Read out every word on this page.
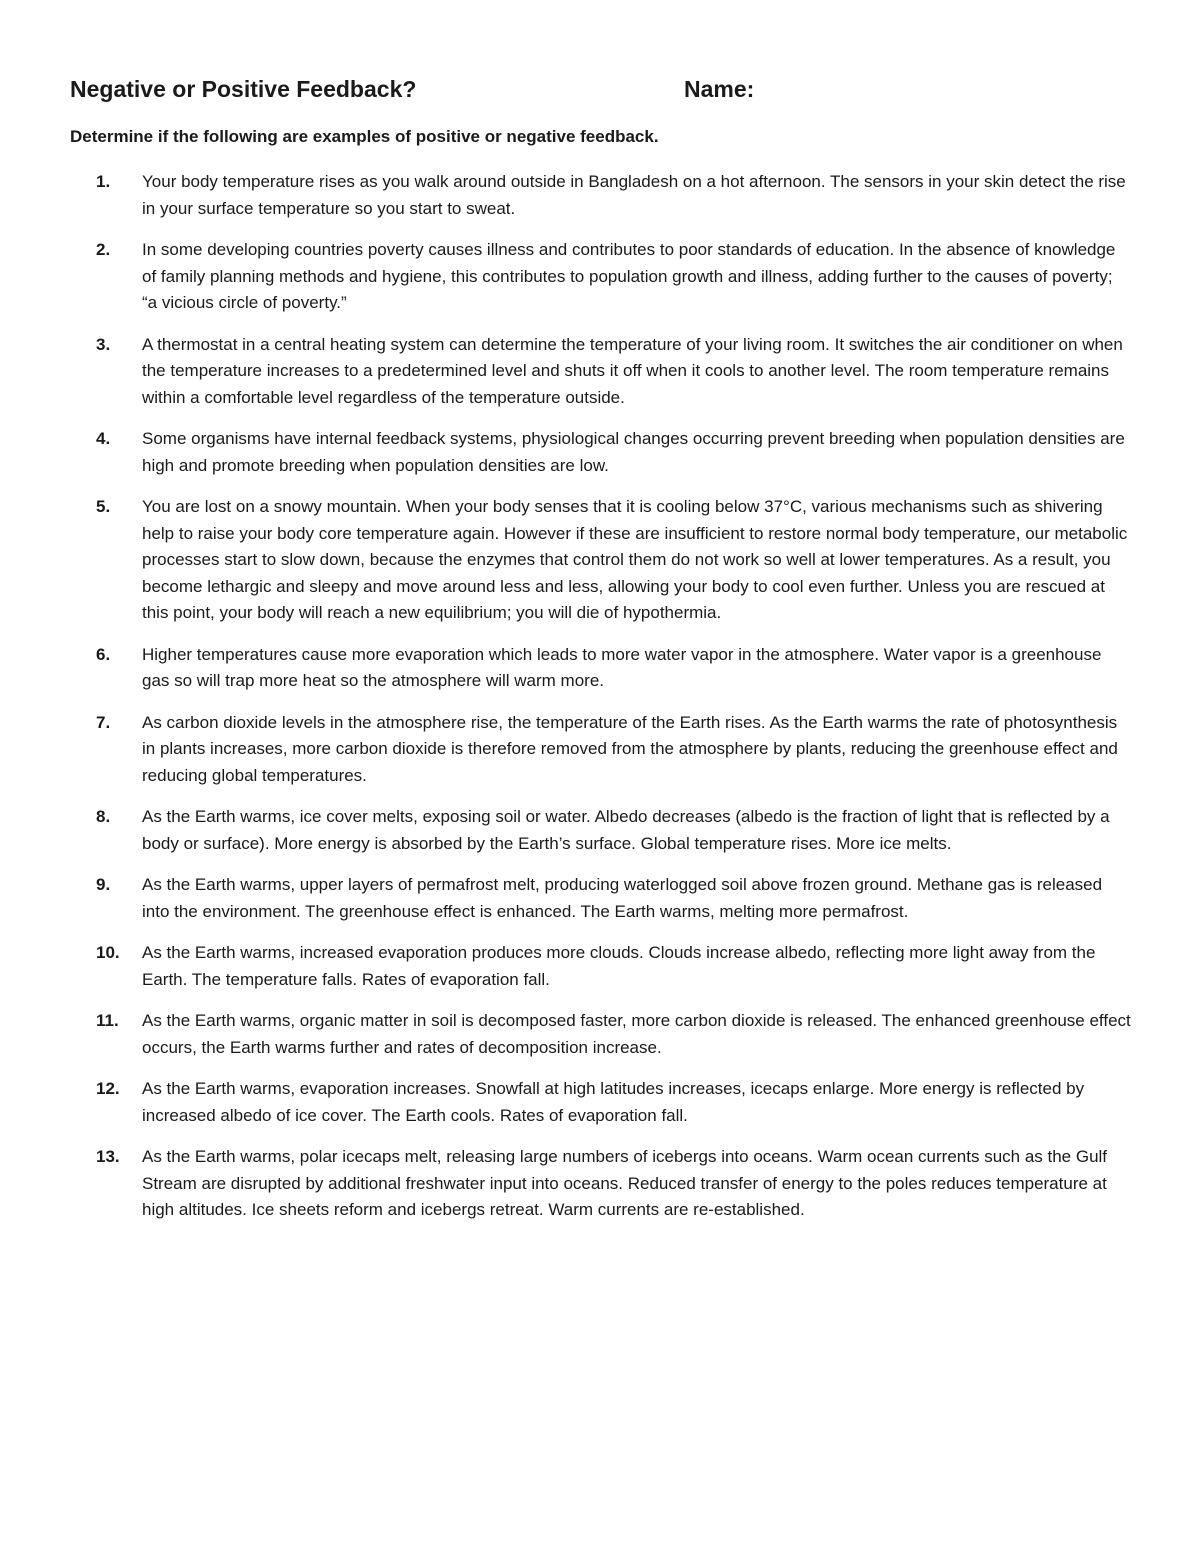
Negative or Positive Feedback?	Name:
Determine if the following are examples of positive or negative feedback.
1.	Your body temperature rises as you walk around outside in Bangladesh on a hot afternoon. The sensors in your skin detect the rise in your surface temperature so you start to sweat.
2.	In some developing countries poverty causes illness and contributes to poor standards of education. In the absence of knowledge of family planning methods and hygiene, this contributes to population growth and illness, adding further to the causes of poverty; “a vicious circle of poverty.”
3.	A thermostat in a central heating system can determine the temperature of your living room. It switches the air conditioner on when the temperature increases to a predetermined level and shuts it off when it cools to another level. The room temperature remains within a comfortable level regardless of the temperature outside.
4.	Some organisms have internal feedback systems, physiological changes occurring prevent breeding when population densities are high and promote breeding when population densities are low.
5.	You are lost on a snowy mountain. When your body senses that it is cooling below 37°C, various mechanisms such as shivering help to raise your body core temperature again. However if these are insufficient to restore normal body temperature, our metabolic processes start to slow down, because the enzymes that control them do not work so well at lower temperatures. As a result, you become lethargic and sleepy and move around less and less, allowing your body to cool even further. Unless you are rescued at this point, your body will reach a new equilibrium; you will die of hypothermia.
6.	Higher temperatures cause more evaporation which leads to more water vapor in the atmosphere. Water vapor is a greenhouse gas so will trap more heat so the atmosphere will warm more.
7.	As carbon dioxide levels in the atmosphere rise, the temperature of the Earth rises. As the Earth warms the rate of photosynthesis in plants increases, more carbon dioxide is therefore removed from the atmosphere by plants, reducing the greenhouse effect and reducing global temperatures.
8.	As the Earth warms, ice cover melts, exposing soil or water. Albedo decreases (albedo is the fraction of light that is reflected by a body or surface). More energy is absorbed by the Earth’s surface. Global temperature rises. More ice melts.
9.	As the Earth warms, upper layers of permafrost melt, producing waterlogged soil above frozen ground. Methane gas is released into the environment. The greenhouse effect is enhanced. The Earth warms, melting more permafrost.
10.	As the Earth warms, increased evaporation produces more clouds. Clouds increase albedo, reflecting more light away from the Earth. The temperature falls. Rates of evaporation fall.
11.	As the Earth warms, organic matter in soil is decomposed faster, more carbon dioxide is released. The enhanced greenhouse effect occurs, the Earth warms further and rates of decomposition increase.
12.	As the Earth warms, evaporation increases. Snowfall at high latitudes increases, icecaps enlarge. More energy is reflected by increased albedo of ice cover. The Earth cools. Rates of evaporation fall.
13.	As the Earth warms, polar icecaps melt, releasing large numbers of icebergs into oceans. Warm ocean currents such as the Gulf Stream are disrupted by additional freshwater input into oceans. Reduced transfer of energy to the poles reduces temperature at high altitudes. Ice sheets reform and icebergs retreat. Warm currents are re-established.
